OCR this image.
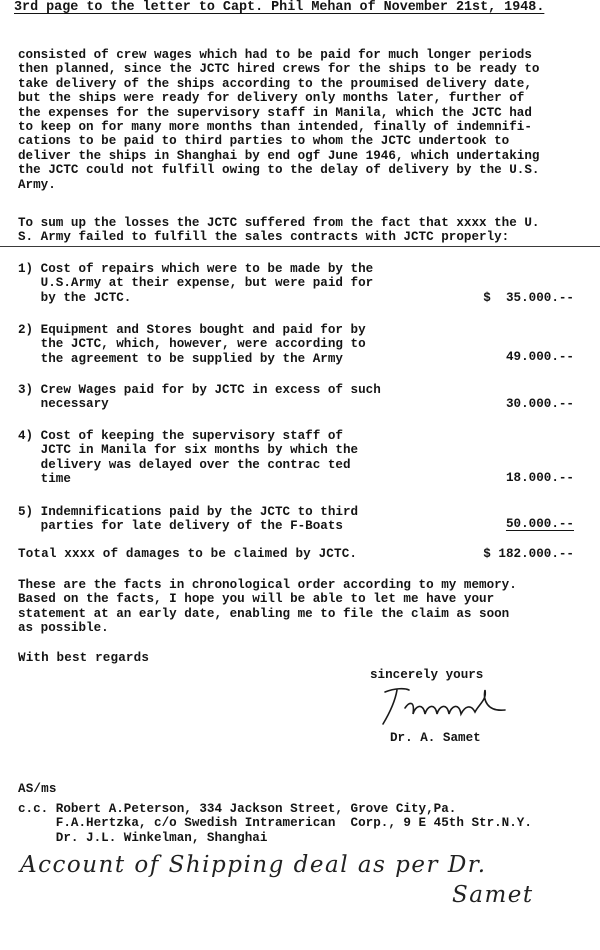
3rd page to the letter to Capt. Phil Mehan of November 21st, 1948.
consisted of crew wages which had to be paid for much longer periods
then planned, since the JCTC hired crews for the ships to be ready to
take delivery of the ships according to the proumised delivery date,
but the ships were ready for delivery only months later, further of
the expenses for the supervisory staff in Manila, which the JCTC had
to keep on for many more months than intended, finally of indemnifi-
cations to be paid to third parties to whom the JCTC undertook to
deliver the ships in Shanghai by end ogf June 1946, which undertaking
the JCTC could not fulfill owing to the delay of delivery by the U.S.
Army.
To sum up the losses the JCTC suffered from the fact that xxxx the U.
S. Army failed to fulfill the sales contracts with JCTC properly:
1) Cost of repairs which were to be made by the
U.S.Army at their expense, but were paid for
by the JCTC.	$  35.000.--
2) Equipment and Stores bought and paid for by
the JCTC, which, however, were according to
the agreement to be supplied by the Army	49.000.--
3) Crew Wages paid for by JCTC in excess of such
necessary	30.000.--
4) Cost of keeping the supervisory staff of
JCTC in Manila for six months by which the
delivery was delayed over the contrac ted
time	18.000.--
5) Indemnifications paid by the JCTC to third
parties for late delivery of the F-Boats	50.000.--
Total xxxx of damages to be claimed by JCTC.	$ 182.000.--
These are the facts in chronological order according to my memory.
Based on the facts, I hope you will be able to let me have your
statement at an early date, enabling me to file the claim as soon
as possible.
With best regards
sincerely yours
Dr. A. Samet
AS/ms
c.c. Robert A.Peterson, 334 Jackson Street, Grove City,Pa.
F.A.Hertzka, c/o Swedish Intramerican  Corp., 9 E 45th Str.N.Y.
Dr. J.L. Winkelman, Shanghai
Account of Shipping deal as per Dr.
Samet
